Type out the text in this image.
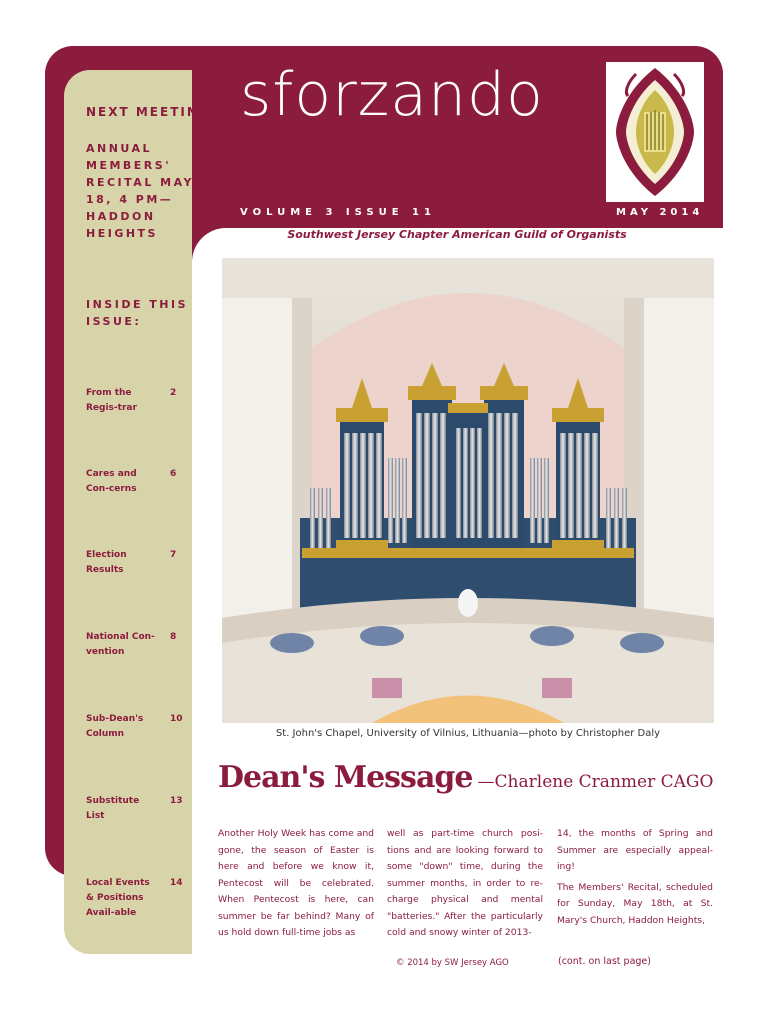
sforzando
VOLUME 3 ISSUE 11	MAY 2014
Southwest Jersey Chapter American Guild of Organists
NEXT MEETING--
ANNUAL
MEMBERS'
RECITAL MAY
18, 4 PM—
HADDON
HEIGHTS
INSIDE THIS
ISSUE:
From the Regis-trar
2
Cares and Con-cerns
6
Election Results
7
National Con-vention
8
Sub-Dean's Column
10
Substitute List
13
Local Events & Positions Avail-able
14
St. John's Chapel, University of Vilnius, Lithuania—photo by Christopher Daly
Dean's Message —Charlene Cranmer CAGO
Another Holy Week has come and gone, the season of Easter is here and before we know it, Pentecost will be celebrated. When Pentecost is here, can summer be far behind? Many of us hold down full-time jobs as
well as part-time church posi-tions and are looking forward to some "down" time, during the summer months, in order to re-charge physical and mental "batteries." After the particularly cold and snowy winter of 2013-
14, the months of Spring and Summer are especially appeal-ing!
The Members' Recital, scheduled for Sunday, May 18th, at St. Mary's Church, Haddon Heights,
© 2014 by SW Jersey AGO	(cont. on last page)
